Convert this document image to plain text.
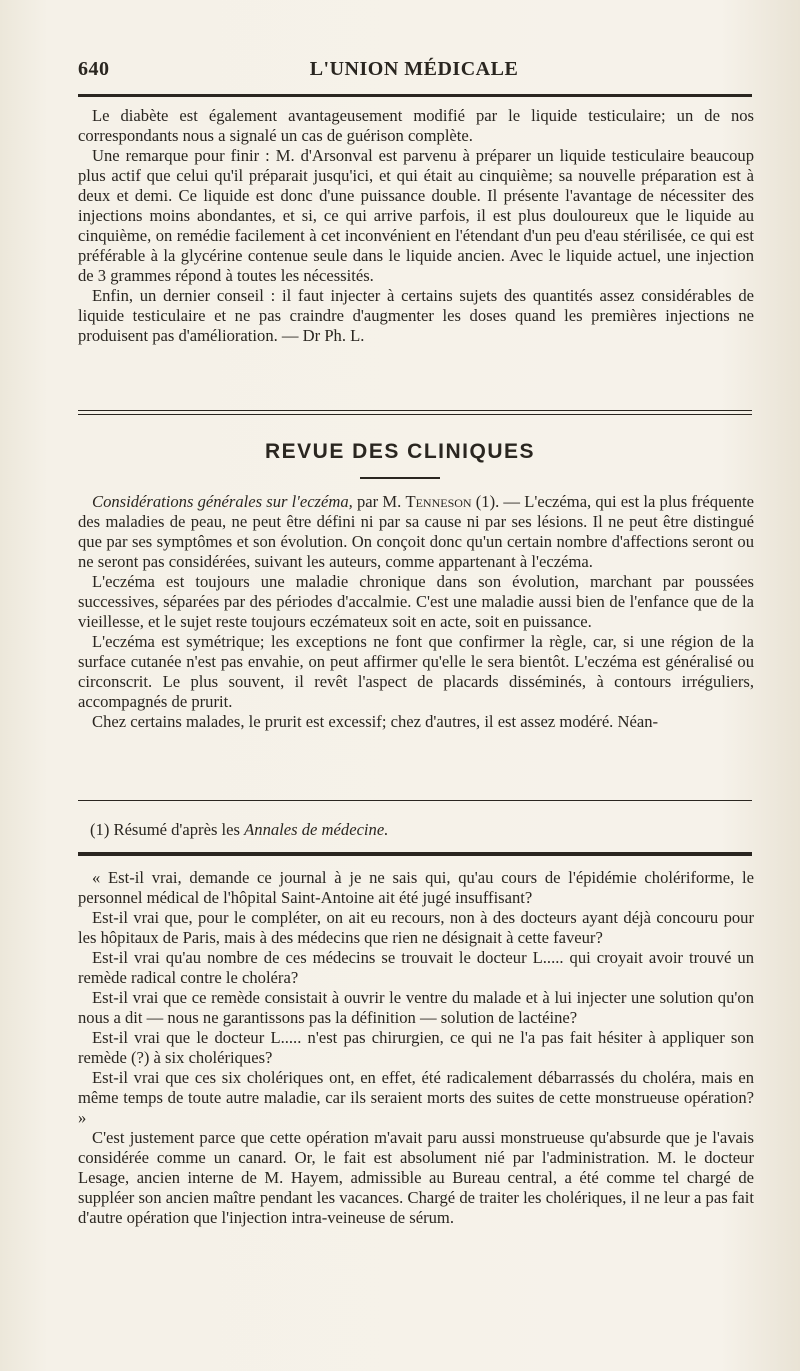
640	L'UNION MÉDICALE

Le diabète est également avantageusement modifié par le liquide testiculaire; un de nos correspondants nous a signalé un cas de guérison complète.

Une remarque pour finir : M. d'Arsonval est parvenu à préparer un liquide testiculaire beaucoup plus actif que celui qu'il préparait jusqu'ici, et qui était au cinquième; sa nouvelle préparation est à deux et demi. Ce liquide est donc d'une puissance double. Il présente l'avantage de nécessiter des injections moins abondantes, et si, ce qui arrive parfois, il est plus douloureux que le liquide au cinquième, on remédie facilement à cet inconvénient en l'étendant d'un peu d'eau stérilisée, ce qui est préférable à la glycérine contenue seule dans le liquide ancien. Avec le liquide actuel, une injection de 3 grammes répond à toutes les nécessités.

Enfin, un dernier conseil : il faut injecter à certains sujets des quantités assez considérables de liquide testiculaire et ne pas craindre d'augmenter les doses quand les premières injections ne produisent pas d'amélioration. — Dr Ph. L.

REVUE DES CLINIQUES

Considérations générales sur l'eczéma, par M. Tenneson (1). — L'eczéma, qui est la plus fréquente des maladies de peau, ne peut être défini ni par sa cause ni par ses lésions. Il ne peut être distingué que par ses symptômes et son évolution. On conçoit donc qu'un certain nombre d'affections seront ou ne seront pas considérées, suivant les auteurs, comme appartenant à l'eczéma.

L'eczéma est toujours une maladie chronique dans son évolution, marchant par poussées successives, séparées par des périodes d'accalmie. C'est une maladie aussi bien de l'enfance que de la vieillesse, et le sujet reste toujours eczémateux soit en acte, soit en puissance.

L'eczéma est symétrique; les exceptions ne font que confirmer la règle, car, si une région de la surface cutanée n'est pas envahie, on peut affirmer qu'elle le sera bientôt. L'eczéma est généralisé ou circonscrit. Le plus souvent, il revêt l'aspect de placards disséminés, à contours irréguliers, accompagnés de prurit.

Chez certains malades, le prurit est excessif; chez d'autres, il est assez modéré. Néan-

(1) Résumé d'après les Annales de médecine.

« Est-il vrai, demande ce journal à je ne sais qui, qu'au cours de l'épidémie cholériforme, le personnel médical de l'hôpital Saint-Antoine ait été jugé insuffisant?

Est-il vrai que, pour le compléter, on ait eu recours, non à des docteurs ayant déjà concouru pour les hôpitaux de Paris, mais à des médecins que rien ne désignait à cette faveur?

Est-il vrai qu'au nombre de ces médecins se trouvait le docteur L..... qui croyait avoir trouvé un remède radical contre le choléra?

Est-il vrai que ce remède consistait à ouvrir le ventre du malade et à lui injecter une solution qu'on nous a dit — nous ne garantissons pas la définition — solution de lactéine?

Est-il vrai que le docteur L..... n'est pas chirurgien, ce qui ne l'a pas fait hésiter à appliquer son remède (?) à six cholériques?

Est-il vrai que ces six cholériques ont, en effet, été radicalement débarrassés du choléra, mais en même temps de toute autre maladie, car ils seraient morts des suites de cette monstrueuse opération? »

C'est justement parce que cette opération m'avait paru aussi monstrueuse qu'absurde que je l'avais considérée comme un canard. Or, le fait est absolument nié par l'administration. M. le docteur Lesage, ancien interne de M. Hayem, admissible au Bureau central, a été comme tel chargé de suppléer son ancien maître pendant les vacances. Chargé de traiter les cholériques, il ne leur a pas fait d'autre opération que l'injection intra-veineuse de sérum.
